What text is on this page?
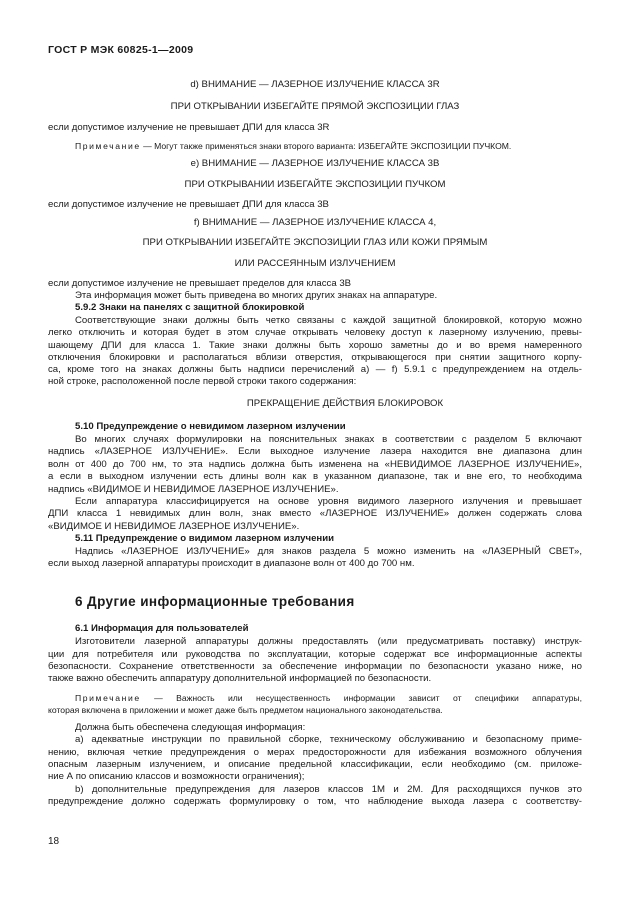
ГОСТ Р МЭК 60825-1—2009

d) ВНИМАНИЕ — ЛАЗЕРНОЕ ИЗЛУЧЕНИЕ КЛАССА 3R

ПРИ ОТКРЫВАНИИ ИЗБЕГАЙТЕ ПРЯМОЙ ЭКСПОЗИЦИИ ГЛАЗ

если допустимое излучение не превышает ДПИ для класса 3R

Примечание — Могут также применяться знаки второго варианта: ИЗБЕГАЙТЕ ЭКСПОЗИЦИИ ПУЧКОМ.

e) ВНИМАНИЕ — ЛАЗЕРНОЕ ИЗЛУЧЕНИЕ КЛАССА 3B

ПРИ ОТКРЫВАНИИ ИЗБЕГАЙТЕ ЭКСПОЗИЦИИ ПУЧКОМ

если допустимое излучение не превышает ДПИ для класса 3B

f) ВНИМАНИЕ — ЛАЗЕРНОЕ ИЗЛУЧЕНИЕ КЛАССА 4,

ПРИ ОТКРЫВАНИИ ИЗБЕГАЙТЕ ЭКСПОЗИЦИИ ГЛАЗ ИЛИ КОЖИ ПРЯМЫМ

ИЛИ РАССЕЯННЫМ ИЗЛУЧЕНИЕМ

если допустимое излучение не превышает пределов для класса 3B

Эта информация может быть приведена во многих других знаках на аппаратуре.

5.9.2 Знаки на панелях с защитной блокировкой

Соответствующие знаки должны быть четко связаны с каждой защитной блокировкой, которую можно

легко отключить и которая будет в этом случае открывать человеку доступ к лазерному излучению, превы-

шающему ДПИ для класса 1. Такие знаки должны быть хорошо заметны до и во время намеренного

отключения блокировки и располагаться вблизи отверстия, открывающегося при снятии защитного корпу-

са, кроме того на знаках должны быть надписи перечислений а) — f) 5.9.1 с предупреждением на отдель-

ной строке, расположенной после первой строки такого содержания:

ПРЕКРАЩЕНИЕ ДЕЙСТВИЯ БЛОКИРОВОК

5.10 Предупреждение о невидимом лазерном излучении

Во многих случаях формулировки на пояснительных знаках в соответствии с разделом 5 включают

надпись «ЛАЗЕРНОЕ ИЗЛУЧЕНИЕ». Если выходное излучение лазера находится вне диапазона длин

волн от 400 до 700 нм, то эта надпись должна быть изменена на «НЕВИДИМОЕ ЛАЗЕРНОЕ ИЗЛУЧЕНИЕ»,

а если в выходном излучении есть длины волн как в указанном диапазоне, так и вне его, то необходима

надпись «ВИДИМОЕ И НЕВИДИМОЕ ЛАЗЕРНОЕ ИЗЛУЧЕНИЕ».

Если аппаратура классифицируется на основе уровня видимого лазерного излучения и превышает

ДПИ класса 1 невидимых длин волн, знак вместо «ЛАЗЕРНОЕ ИЗЛУЧЕНИЕ» должен содержать слова

«ВИДИМОЕ И НЕВИДИМОЕ ЛАЗЕРНОЕ ИЗЛУЧЕНИЕ».

5.11 Предупреждение о видимом лазерном излучении

Надпись «ЛАЗЕРНОЕ ИЗЛУЧЕНИЕ» для знаков раздела 5 можно изменить на «ЛАЗЕРНЫЙ СВЕТ»,

если выход лазерной аппаратуры происходит в диапазоне волн от 400 до 700 нм.

6 Другие информационные требования

6.1 Информация для пользователей

Изготовители лазерной аппаратуры должны предоставлять (или предусматривать поставку) инструк-

ции для потребителя или руководства по эксплуатации, которые содержат все информационные аспекты

безопасности. Сохранение ответственности за обеспечение информации по безопасности указано ниже, но

также важно обеспечить аппаратуру дополнительной информацией по безопасности.

Примечание — Важность или несущественность информации зависит от специфики аппаратуры,

которая включена в приложении и может даже быть предметом национального законодательства.

Должна быть обеспечена следующая информация:

а) адекватные инструкции по правильной сборке, техническому обслуживанию и безопасному приме-

нению, включая четкие предупреждения о мерах предосторожности для избежания возможного облучения

опасным лазерным излучением, и описание предельной классификации, если необходимо (см. приложе-

ние А по описанию классов и возможности ограничения);

b) дополнительные предупреждения для лазеров классов 1М и 2М. Для расходящихся пучков это

предупреждение должно содержать формулировку о том, что наблюдение выхода лазера с соответству-

18
